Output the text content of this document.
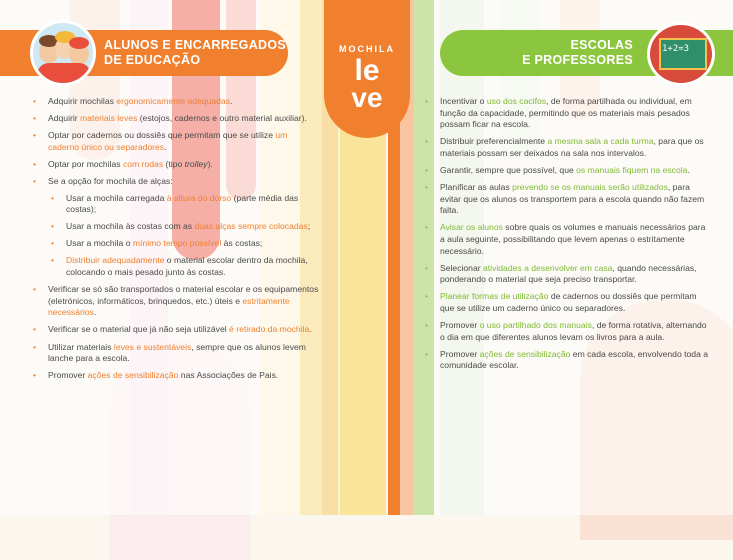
ALUNOS E ENCARREGADOS
DE EDUCAÇÃO
ESCOLAS
E PROFESSORES
1+2=3
MOCHILA
le
ve
• Adquirir mochilas ergonomicamente adequadas.
• Adquirir materiais leves (estojos, cadernos e outro material auxiliar).
• Optar por cadernos ou dossiês que permitam que se utilize um caderno único ou separadores.
• Optar por mochilas com rodas (tipo trolley).
• Se a opção for mochila de alças:
• Usar a mochila carregada à altura do dorso (parte média das costas);
• Usar a mochila às costas com as duas alças sempre colocadas;
• Usar a mochila o mínimo tempo possível às costas;
• Distribuir adequadamente o material escolar dentro da mochila, colocando o mais pesado junto às costas.
• Verificar se só são transportados o material escolar e os equipamentos (eletrónicos, informáticos, brinquedos, etc.) úteis e estritamente necessários.
• Verificar se o material que já não seja utilizável é retirado da mochila.
• Utilizar materiais leves e sustentáveis, sempre que os alunos levem lanche para a escola.
• Promover ações de sensibilização nas Associações de Pais.
• Incentivar o uso dos cacifos, de forma partilhada ou individual, em função da capacidade, permitindo que os materiais mais pesados possam ficar na escola.
• Distribuir preferencialmente a mesma sala a cada turma, para que os materiais possam ser deixados na sala nos intervalos.
• Garantir, sempre que possível, que os manuais fiquem na escola.
• Planificar as aulas prevendo se os manuais serão utilizados, para evitar que os alunos os transportem para a escola quando não fazem falta.
• Avisar os alunos sobre quais os volumes e manuais necessários para a aula seguinte, possibilitando que levem apenas o estritamente necessário.
• Selecionar atividades a desenvolver em casa, quando necessárias, ponderando o material que seja preciso transportar.
• Planear formas de utilização de cadernos ou dossiês que permitam que se utilize um caderno único ou separadores.
• Promover o uso partilhado dos manuais, de forma rotativa, alternando o dia em que diferentes alunos levam os livros para a aula.
• Promover ações de sensibilização em cada escola, envolvendo toda a comunidade escolar.
